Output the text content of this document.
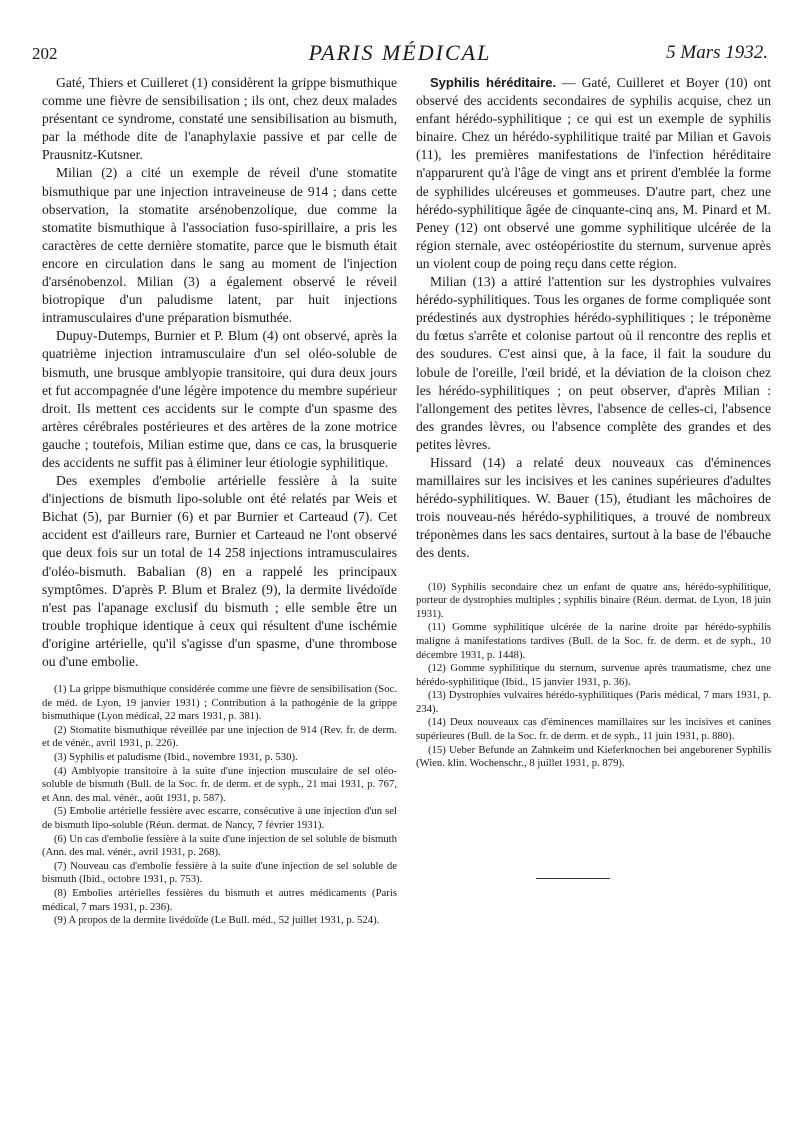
202	PARIS MÉDICAL	5 Mars 1932.

Gaté, Thiers et Cuilleret (1) considèrent la grippe bismuthique comme une fièvre de sensibilisation ; ils ont, chez deux malades présentant ce syndrome, constaté une sensibilisation au bismuth, par la méthode dite de l'anaphylaxie passive et par celle de Prausnitz-Kutsner.

Milian (2) a cité un exemple de réveil d'une stomatite bismuthique par une injection intraveineuse de 914 ; dans cette observation, la stomatite arsénobenzolique, due comme la stomatite bismuthique à l'association fuso-spirillaire, a pris les caractères de cette dernière stomatite, parce que le bismuth était encore en circulation dans le sang au moment de l'injection d'arsénobenzol. Milian (3) a également observé le réveil biotropique d'un paludisme latent, par huit injections intramusculaires d'une préparation bismuthée.

Dupuy-Dutemps, Burnier et P. Blum (4) ont observé, après la quatrième injection intramusculaire d'un sel oléo-soluble de bismuth, une brusque amblyopie transitoire, qui dura deux jours et fut accompagnée d'une légère impotence du membre supérieur droit. Ils mettent ces accidents sur le compte d'un spasme des artères cérébrales postérieures et des artères de la zone motrice gauche ; toutefois, Milian estime que, dans ce cas, la brusquerie des accidents ne suffit pas à éliminer leur étiologie syphilitique.

Des exemples d'embolie artérielle fessière à la suite d'injections de bismuth lipo-soluble ont été relatés par Weis et Bichat (5), par Burnier (6) et par Burnier et Carteaud (7). Cet accident est d'ailleurs rare, Burnier et Carteaud ne l'ont observé que deux fois sur un total de 14 258 injections intramusculaires d'oléo-bismuth. Babalian (8) en a rappelé les principaux symptômes. D'après P. Blum et Bralez (9), la dermite livédoïde n'est pas l'apanage exclusif du bismuth ; elle semble être un trouble trophique identique à ceux qui résultent d'une ischémie d'origine artérielle, qu'il s'agisse d'un spasme, d'une thrombose ou d'une embolie.

(1) La grippe bismuthique considérée comme une fièvre de sensibilisation (Soc. de méd. de Lyon, 19 janvier 1931) ; Contribution à la pathogénie de la grippe bismuthique (Lyon médical, 22 mars 1931, p. 381).

(2) Stomatite bismuthique réveillée par une injection de 914 (Rev. fr. de derm. et de vénér., avril 1931, p. 226).

(3) Syphilis et paludisme (Ibid., novembre 1931, p. 530).

(4) Amblyopie transitoire à la suite d'une injection musculaire de sel oléo-soluble de bismuth (Bull. de la Soc. fr. de derm. et de syph., 21 mai 1931, p. 767, et Ann. des mal. vénér., août 1931, p. 587).

(5) Embolie artérielle fessière avec escarre, consécutive à une injection d'un sel de bismuth lipo-soluble (Réun. dermat. de Nancy, 7 février 1931).

(6) Un cas d'embolie fessière à la suite d'une injection de sel soluble de bismuth (Ann. des mal. vénér., avril 1931, p. 268).

(7) Nouveau cas d'embolie fessière à la suite d'une injection de sel soluble de bismuth (Ibid., octobre 1931, p. 753).

(8) Embolies artérielles fessières du bismuth et autres médicaments (Paris médical, 7 mars 1931, p. 236).

(9) A propos de la dermite livédoïde (Le Bull. méd., 52 juillet 1931, p. 524).

Syphilis héréditaire. — Gaté, Cuilleret et Boyer (10) ont observé des accidents secondaires de syphilis acquise, chez un enfant hérédo-syphilitique ; ce qui est un exemple de syphilis binaire. Chez un hérédo-syphilitique traité par Milian et Gavois (11), les premières manifestations de l'infection héréditaire n'apparurent qu'à l'âge de vingt ans et prirent d'emblée la forme de syphilides ulcéreuses et gommeuses. D'autre part, chez une hérédo-syphilitique âgée de cinquante-cinq ans, M. Pinard et M. Peney (12) ont observé une gomme syphilitique ulcérée de la région sternale, avec ostéopériostite du sternum, survenue après un violent coup de poing reçu dans cette région.

Milian (13) a attiré l'attention sur les dystrophies vulvaires hérédo-syphilitiques. Tous les organes de forme compliquée sont prédestinés aux dystrophies hérédo-syphilitiques ; le tréponème du fœtus s'arrête et colonise partout où il rencontre des replis et des soudures. C'est ainsi que, à la face, il fait la soudure du lobule de l'oreille, l'œil bridé, et la déviation de la cloison chez les hérédo-syphilitiques ; on peut observer, d'après Milian : l'allongement des petites lèvres, l'absence de celles-ci, l'absence des grandes lèvres, ou l'absence complète des grandes et des petites lèvres.

Hissard (14) a relaté deux nouveaux cas d'éminences mamillaires sur les incisives et les canines supérieures d'adultes hérédo-syphilitiques. W. Bauer (15), étudiant les mâchoires de trois nouveau-nés hérédo-syphilitiques, a trouvé de nombreux tréponèmes dans les sacs dentaires, surtout à la base de l'ébauche des dents.

(10) Syphilis secondaire chez un enfant de quatre ans, hérédo-syphilitique, porteur de dystrophies multiples ; syphilis binaire (Réun. dermat. de Lyon, 18 juin 1931).

(11) Gomme syphilitique ulcérée de la narine droite par hérédo-syphilis maligne à manifestations tardives (Bull. de la Soc. fr. de derm. et de syph., 10 décembre 1931, p. 1448).

(12) Gomme syphilitique du sternum, survenue après traumatisme, chez une hérédo-syphilitique (Ibid., 15 janvier 1931, p. 36).

(13) Dystrophies vulvaires hérédo-syphilitiques (Paris médical, 7 mars 1931, p. 234).

(14) Deux nouveaux cas d'éminences mamillaires sur les incisives et canines supérieures (Bull. de la Soc. fr. de derm. et de syph., 11 juin 1931, p. 880).

(15) Ueber Befunde an Zahnkeim und Kieferknochen bei angeborener Syphilis (Wien. klin. Wochenschr., 8 juillet 1931, p. 879).
